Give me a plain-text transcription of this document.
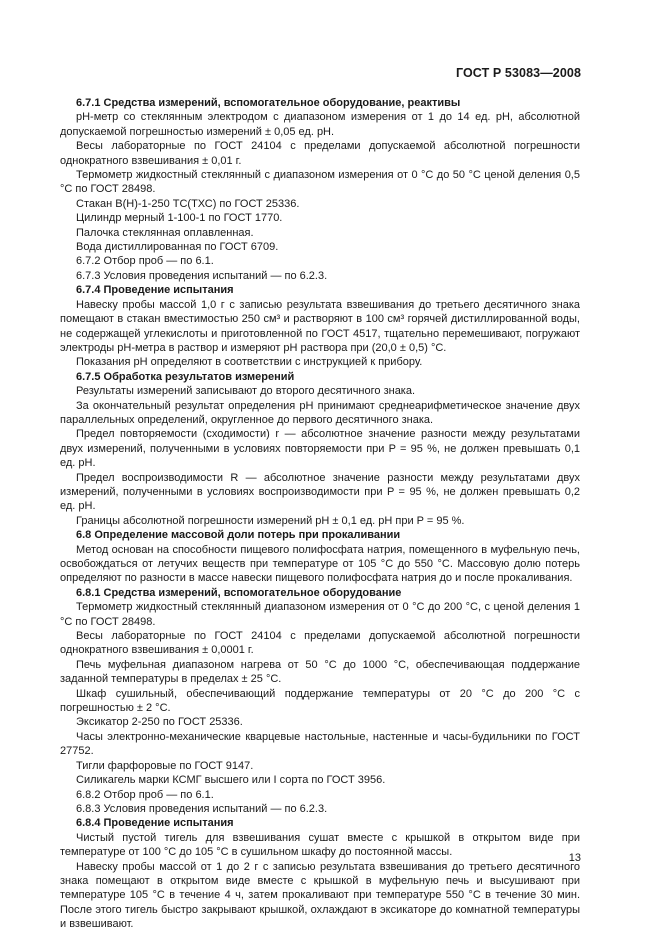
ГОСТ Р 53083—2008

6.7.1 Средства измерений, вспомогательное оборудование, реактивы

pH-метр со стеклянным электродом с диапазоном измерения от 1 до 14 ед. pH, абсолютной допускаемой погрешностью измерений ± 0,05 ед. pH.

Весы лабораторные по ГОСТ 24104 с пределами допускаемой абсолютной погрешности однократного взвешивания ± 0,01 г.

Термометр жидкостный стеклянный с диапазоном измерения от 0 °С до 50 °С ценой деления 0,5 °С по ГОСТ 28498.

Стакан В(Н)-1-250 ТС(ТХС) по ГОСТ 25336.

Цилиндр мерный 1-100-1 по ГОСТ 1770.

Палочка стеклянная оплавленная.

Вода дистиллированная по ГОСТ 6709.

6.7.2 Отбор проб — по 6.1.

6.7.3 Условия проведения испытаний — по 6.2.3.

6.7.4 Проведение испытания

Навеску пробы массой 1,0 г с записью результата взвешивания до третьего десятичного знака помещают в стакан вместимостью 250 см³ и растворяют в 100 см³ горячей дистиллированной воды, не содержащей углекислоты и приготовленной по ГОСТ 4517, тщательно перемешивают, погружают электроды pH-метра в раствор и измеряют pH раствора при (20,0 ± 0,5) °С.

Показания pH определяют в соответствии с инструкцией к прибору.

6.7.5 Обработка результатов измерений

Результаты измерений записывают до второго десятичного знака.

За окончательный результат определения pH принимают среднеарифметическое значение двух параллельных определений, округленное до первого десятичного знака.

Предел повторяемости (сходимости) r — абсолютное значение разности между результатами двух измерений, полученными в условиях повторяемости при P = 95 %, не должен превышать 0,1 ед. pH.

Предел воспроизводимости R — абсолютное значение разности между результатами двух измерений, полученными в условиях воспроизводимости при P = 95 %, не должен превышать 0,2 ед. pH.

Границы абсолютной погрешности измерений pH ± 0,1 ед. pH при P = 95 %.

6.8 Определение массовой доли потерь при прокаливании

Метод основан на способности пищевого полифосфата натрия, помещенного в муфельную печь, освобождаться от летучих веществ при температуре от 105 °С до 550 °С. Массовую долю потерь определяют по разности в массе навески пищевого полифосфата натрия до и после прокаливания.

6.8.1 Средства измерений, вспомогательное оборудование

Термометр жидкостный стеклянный диапазоном измерения от 0 °С до 200 °С, с ценой деления 1 °С по ГОСТ 28498.

Весы лабораторные по ГОСТ 24104 с пределами допускаемой абсолютной погрешности однократного взвешивания ± 0,0001 г.

Печь муфельная диапазоном нагрева от 50 °С до 1000 °С, обеспечивающая поддержание заданной температуры в пределах ± 25 °С.

Шкаф сушильный, обеспечивающий поддержание температуры от 20 °С до 200 °С с погрешностью ± 2 °С.

Эксикатор 2-250 по ГОСТ 25336.

Часы электронно-механические кварцевые настольные, настенные и часы-будильники по ГОСТ 27752.

Тигли фарфоровые по ГОСТ 9147.

Силикагель марки КСМГ высшего или I сорта по ГОСТ 3956.

6.8.2 Отбор проб — по 6.1.

6.8.3 Условия проведения испытаний — по 6.2.3.

6.8.4 Проведение испытания

Чистый пустой тигель для взвешивания сушат вместе с крышкой в открытом виде при температуре от 100 °С до 105 °С в сушильном шкафу до постоянной массы.

Навеску пробы массой от 1 до 2 г с записью результата взвешивания до третьего десятичного знака помещают в открытом виде вместе с крышкой в муфельную печь и высушивают при температуре 105 °С в течение 4 ч, затем прокаливают при температуре 550 °С в течение 30 мин. После этого тигель быстро закрывают крышкой, охлаждают в эксикаторе до комнатной температуры и взвешивают.

13
